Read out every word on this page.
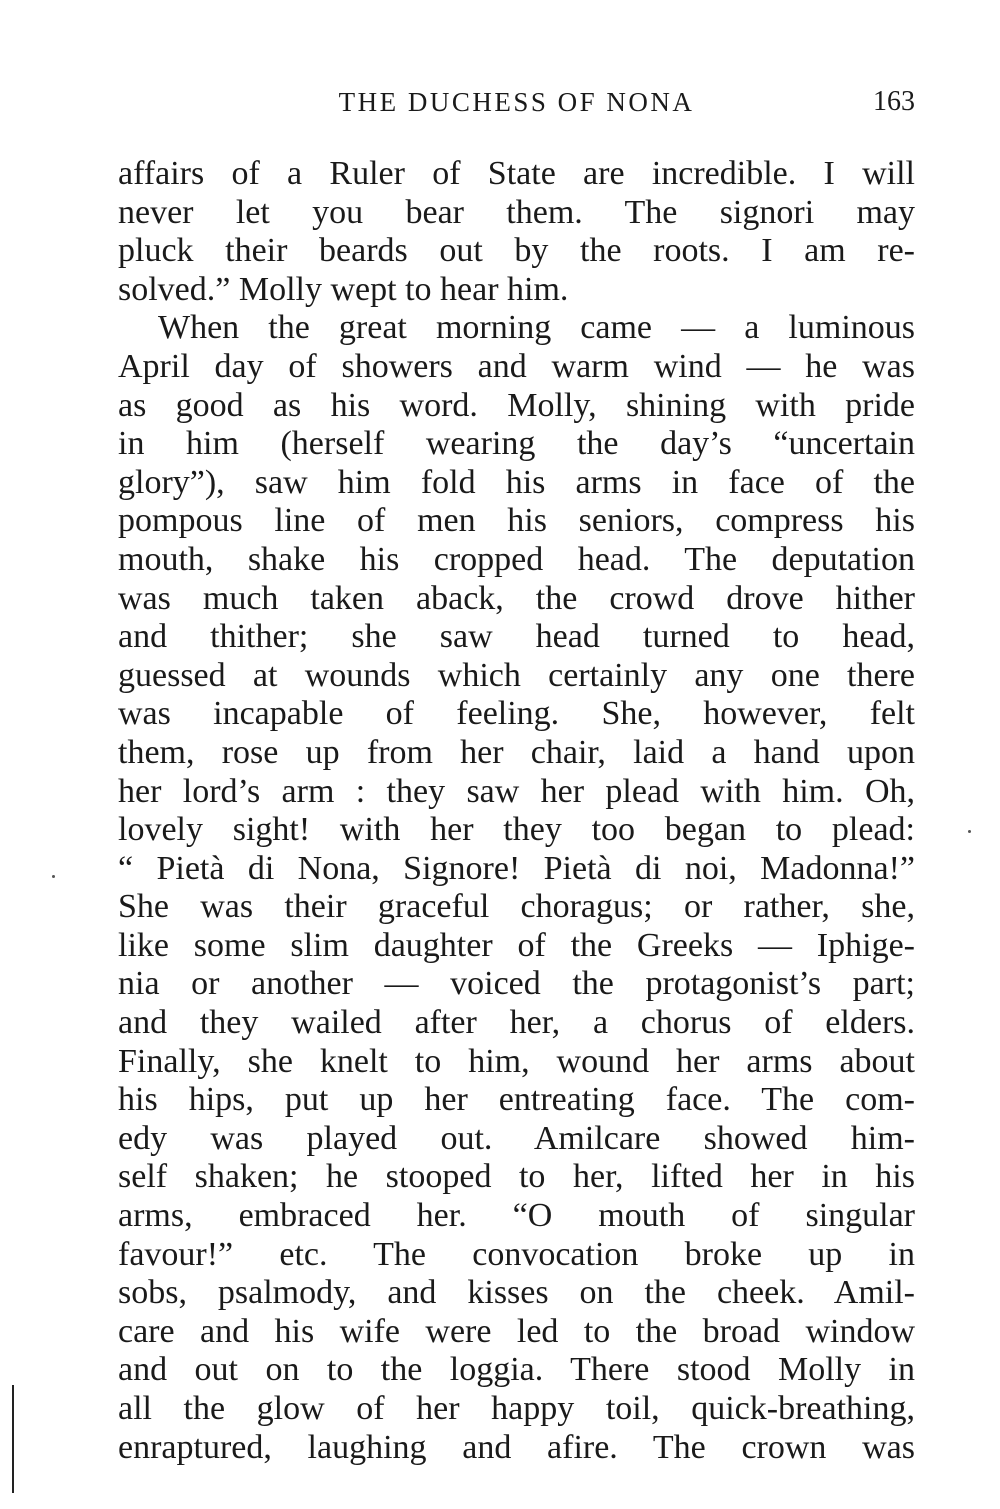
THE DUCHESS OF NONA	163
affairs of a Ruler of State are incredible. I will
never let you bear them. The signori may
pluck their beards out by the roots. I am re-
solved.” Molly wept to hear him.
When the great morning came — a luminous
April day of showers and warm wind — he was
as good as his word. Molly, shining with pride
in him (herself wearing the day’s “uncertain
glory”), saw him fold his arms in face of the
pompous line of men his seniors, compress his
mouth, shake his cropped head. The deputation
was much taken aback, the crowd drove hither
and thither; she saw head turned to head,
guessed at wounds which certainly any one there
was incapable of feeling. She, however, felt
them, rose up from her chair, laid a hand upon
her lord’s arm : they saw her plead with him. Oh,
lovely sight! with her they too began to plead:
“ Pietà di Nona, Signore! Pietà di noi, Madonna!”
She was their graceful choragus; or rather, she,
like some slim daughter of the Greeks — Iphige-
nia or another — voiced the protagonist’s part;
and they wailed after her, a chorus of elders.
Finally, she knelt to him, wound her arms about
his hips, put up her entreating face. The com-
edy was played out. Amilcare showed him-
self shaken; he stooped to her, lifted her in his
arms, embraced her. “O mouth of singular
favour!” etc. The convocation broke up in
sobs, psalmody, and kisses on the cheek. Amil-
care and his wife were led to the broad window
and out on to the loggia. There stood Molly in
all the glow of her happy toil, quick-breathing,
enraptured, laughing and afire. The crown was
